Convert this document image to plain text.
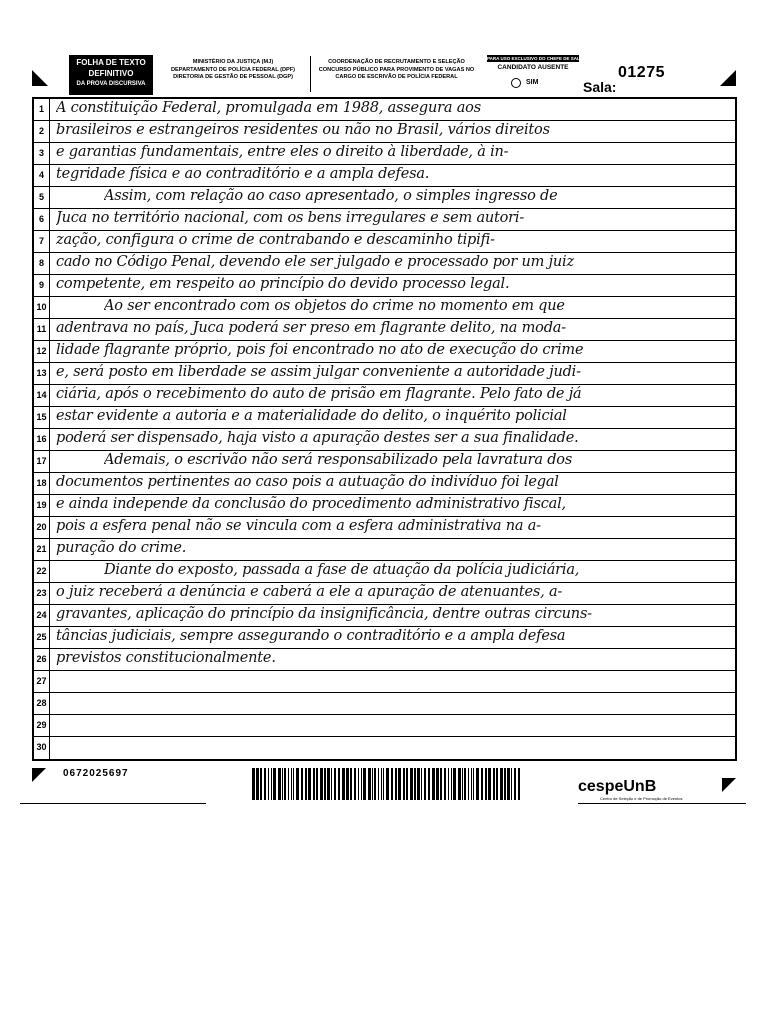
FOLHA DE TEXTO
DEFINITIVO
DA PROVA DISCURSIVA
MINISTÉRIO DA JUSTIÇA (MJ)
DEPARTAMENTO DE POLÍCIA FEDERAL (DPF)
DIRETORIA DE GESTÃO DE PESSOAL (DGP)
COORDENAÇÃO DE RECRUTAMENTO E SELEÇÃO
CONCURSO PÚBLICO PARA PROVIMENTO DE VAGAS NO
CARGO DE ESCRIVÃO DE POLÍCIA FEDERAL
PARA USO EXCLUSIVO DO CHEFE DE SALA
CANDIDATO AUSENTE
SIM	Sala:
01275
1 A constituição Federal, promulgada em 1988, assegura aos
2 brasileiros e estrangeiros residentes ou não no Brasil, vários direitos
3 e garantias fundamentais, entre eles o direito à liberdade, à in-
4 tegridade física e ao contraditório e a ampla defesa.
5	Assim, com relação ao caso apresentado, o simples ingresso de
6 Juca no território nacional, com os bens irregulares e sem autori-
7 zação, configura o crime de contrabando e descaminho tipifi-
8 cado no Código Penal, devendo ele ser julgado e processado por um juiz
9 competente, em respeito ao princípio do devido processo legal.
10	Ao ser encontrado com os objetos do crime no momento em que
11 adentrava no país, Juca poderá ser preso em flagrante delito, na moda-
12 lidade flagrante próprio, pois foi encontrado no ato de execução do crime
13 e, será posto em liberdade se assim julgar conveniente a autoridade judi-
14 ciária, após o recebimento do auto de prisão em flagrante. Pelo fato de já
15 estar evidente a autoria e a materialidade do delito, o inquérito policial
16 poderá ser dispensado, haja visto a apuração destes ser a sua finalidade.
17	Ademais, o escrivão não será responsabilizado pela lavratura dos
18 documentos pertinentes ao caso pois a autuação do indivíduo foi legal
19 e ainda independe da conclusão do procedimento administrativo fiscal,
20 pois a esfera penal não se vincula com a esfera administrativa na a-
21 puração do crime.
22	Diante do exposto, passada a fase de atuação da polícia judiciária,
23 o juiz receberá a denúncia e caberá a ele a apuração de atenuantes, a-
24 gravantes, aplicação do princípio da insignificância, dentre outras circuns-
25 tâncias judiciais, sempre assegurando o contraditório e a ampla defesa
26 previstos constitucionalmente.
27
28
29
30
0672025697
cespeUnB
Centro de Seleção e de Promoção de Eventos
